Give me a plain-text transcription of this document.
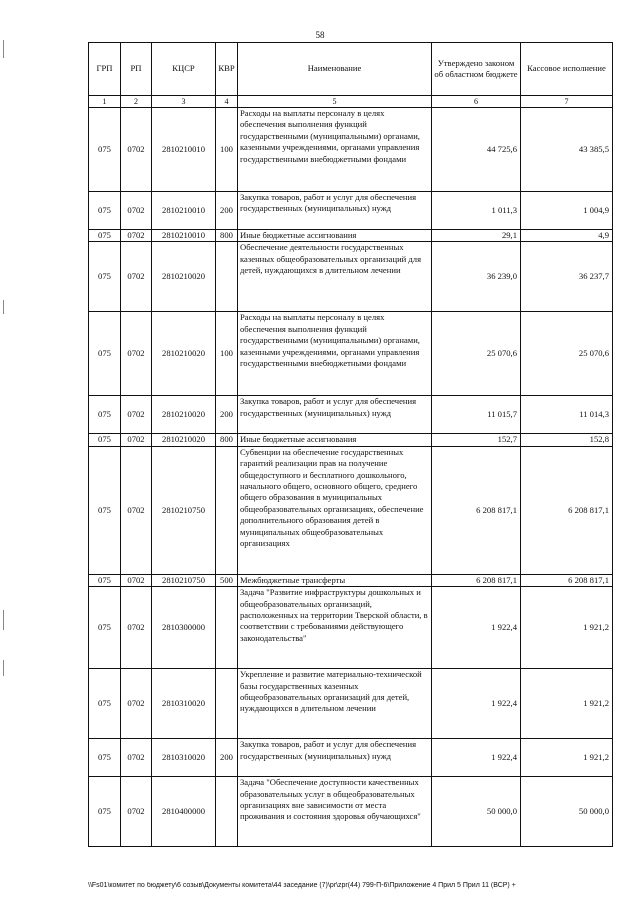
58
ГРП	РП	КЦСР	КВР	Наименование	Утверждено законом об областном бюджете	Кассовое исполнение
1	2	3	4	5	6	7
075	0702	2810210010	100	Расходы на выплаты персоналу в целях обеспечения выполнения функций государственными (муниципальными) органами, казенными учреждениями, органами управления государственными внебюджетными фондами	44 725,6	43 385,5
075	0702	2810210010	200	Закупка товаров, работ и услуг для обеспечения государственных (муниципальных) нужд	1 011,3	1 004,9
075	0702	2810210010	800	Иные бюджетные ассигнования	29,1	4,9
075	0702	2810210020		Обеспечение деятельности государственных казенных общеобразовательных организаций для детей, нуждающихся в длительном лечении	36 239,0	36 237,7
075	0702	2810210020	100	Расходы на выплаты персоналу в целях обеспечения выполнения функций государственными (муниципальными) органами, казенными учреждениями, органами управления государственными внебюджетными фондами	25 070,6	25 070,6
075	0702	2810210020	200	Закупка товаров, работ и услуг для обеспечения государственных (муниципальных) нужд	11 015,7	11 014,3
075	0702	2810210020	800	Иные бюджетные ассигнования	152,7	152,8
075	0702	2810210750		Субвенции на обеспечение государственных гарантий реализации прав на получение общедоступного и бесплатного дошкольного, начального общего, основного общего, среднего общего образования в муниципальных общеобразовательных организациях, обеспечение дополнительного образования детей в муниципальных общеобразовательных организациях	6 208 817,1	6 208 817,1
075	0702	2810210750	500	Межбюджетные трансферты	6 208 817,1	6 208 817,1
075	0702	2810300000		Задача "Развитие инфраструктуры дошкольных и общеобразовательных организаций, расположенных на территории Тверской области, в соответствии с требованиями действующего законодательства"	1 922,4	1 921,2
075	0702	2810310020		Укрепление и развитие материально-технической базы государственных казенных общеобразовательных организаций для детей, нуждающихся в длительном лечении	1 922,4	1 921,2
075	0702	2810310020	200	Закупка товаров, работ и услуг для обеспечения государственных (муниципальных) нужд	1 922,4	1 921,2
075	0702	2810400000		Задача "Обеспечение доступности качественных образовательных услуг в общеобразовательных организациях вне зависимости от места проживания и состояния здоровья обучающихся"	50 000,0	50 000,0
\\Fs01\комитет по бюджету\6 созыв\Документы комитета\44 заседание (7)\pr\zpr(44) 799-П-6\Приложение 4 Прил 5 Прил 11 (ВСР) +
